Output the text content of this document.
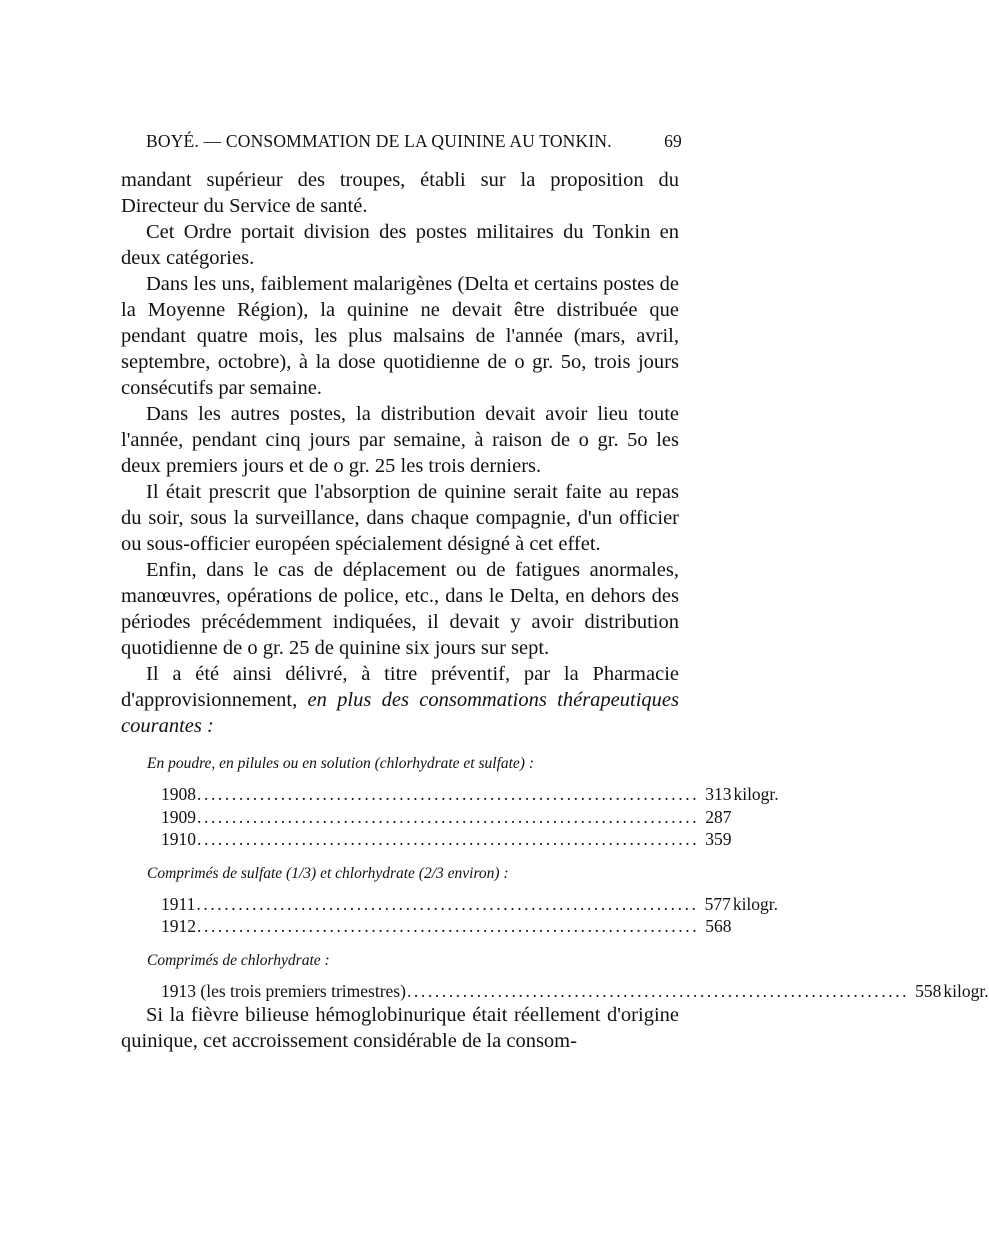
BOYÉ. — CONSOMMATION DE LA QUININE AU TONKIN.	69

mandant supérieur des troupes, établi sur la proposition du Directeur du Service de santé.

Cet Ordre portait division des postes militaires du Tonkin en deux catégories.

Dans les uns, faiblement malarigènes (Delta et certains postes de la Moyenne Région), la quinine ne devait être distribuée que pendant quatre mois, les plus malsains de l'année (mars, avril, septembre, octobre), à la dose quotidienne de o gr. 5o, trois jours consécutifs par semaine.

Dans les autres postes, la distribution devait avoir lieu toute l'année, pendant cinq jours par semaine, à raison de o gr. 5o les deux premiers jours et de o gr. 25 les trois derniers.

Il était prescrit que l'absorption de quinine serait faite au repas du soir, sous la surveillance, dans chaque compagnie, d'un officier ou sous-officier européen spécialement désigné à cet effet.

Enfin, dans le cas de déplacement ou de fatigues anormales, manœuvres, opérations de police, etc., dans le Delta, en dehors des périodes précédemment indiquées, il devait y avoir distribution quotidienne de o gr. 25 de quinine six jours sur sept.

Il a été ainsi délivré, à titre préventif, par la Pharmacie d'approvisionnement, en plus des consommations thérapeutiques courantes :

En poudre, en pilules ou en solution (chlorhydrate et sulfate) :
1908 ........................................................................ 313 kilogr.
1909 ........................................................................ 287
1910 ........................................................................ 359
Comprimés de sulfate (1/3) et chlorhydrate (2/3 environ) :
1911 ........................................................................ 577 kilogr.
1912 ........................................................................ 568
Comprimés de chlorhydrate :
1913 (les trois premiers trimestres) ........................................................................ 558 kilogr.

Si la fièvre bilieuse hémoglobinurique était réellement d'origine quinique, cet accroissement considérable de la consom-
